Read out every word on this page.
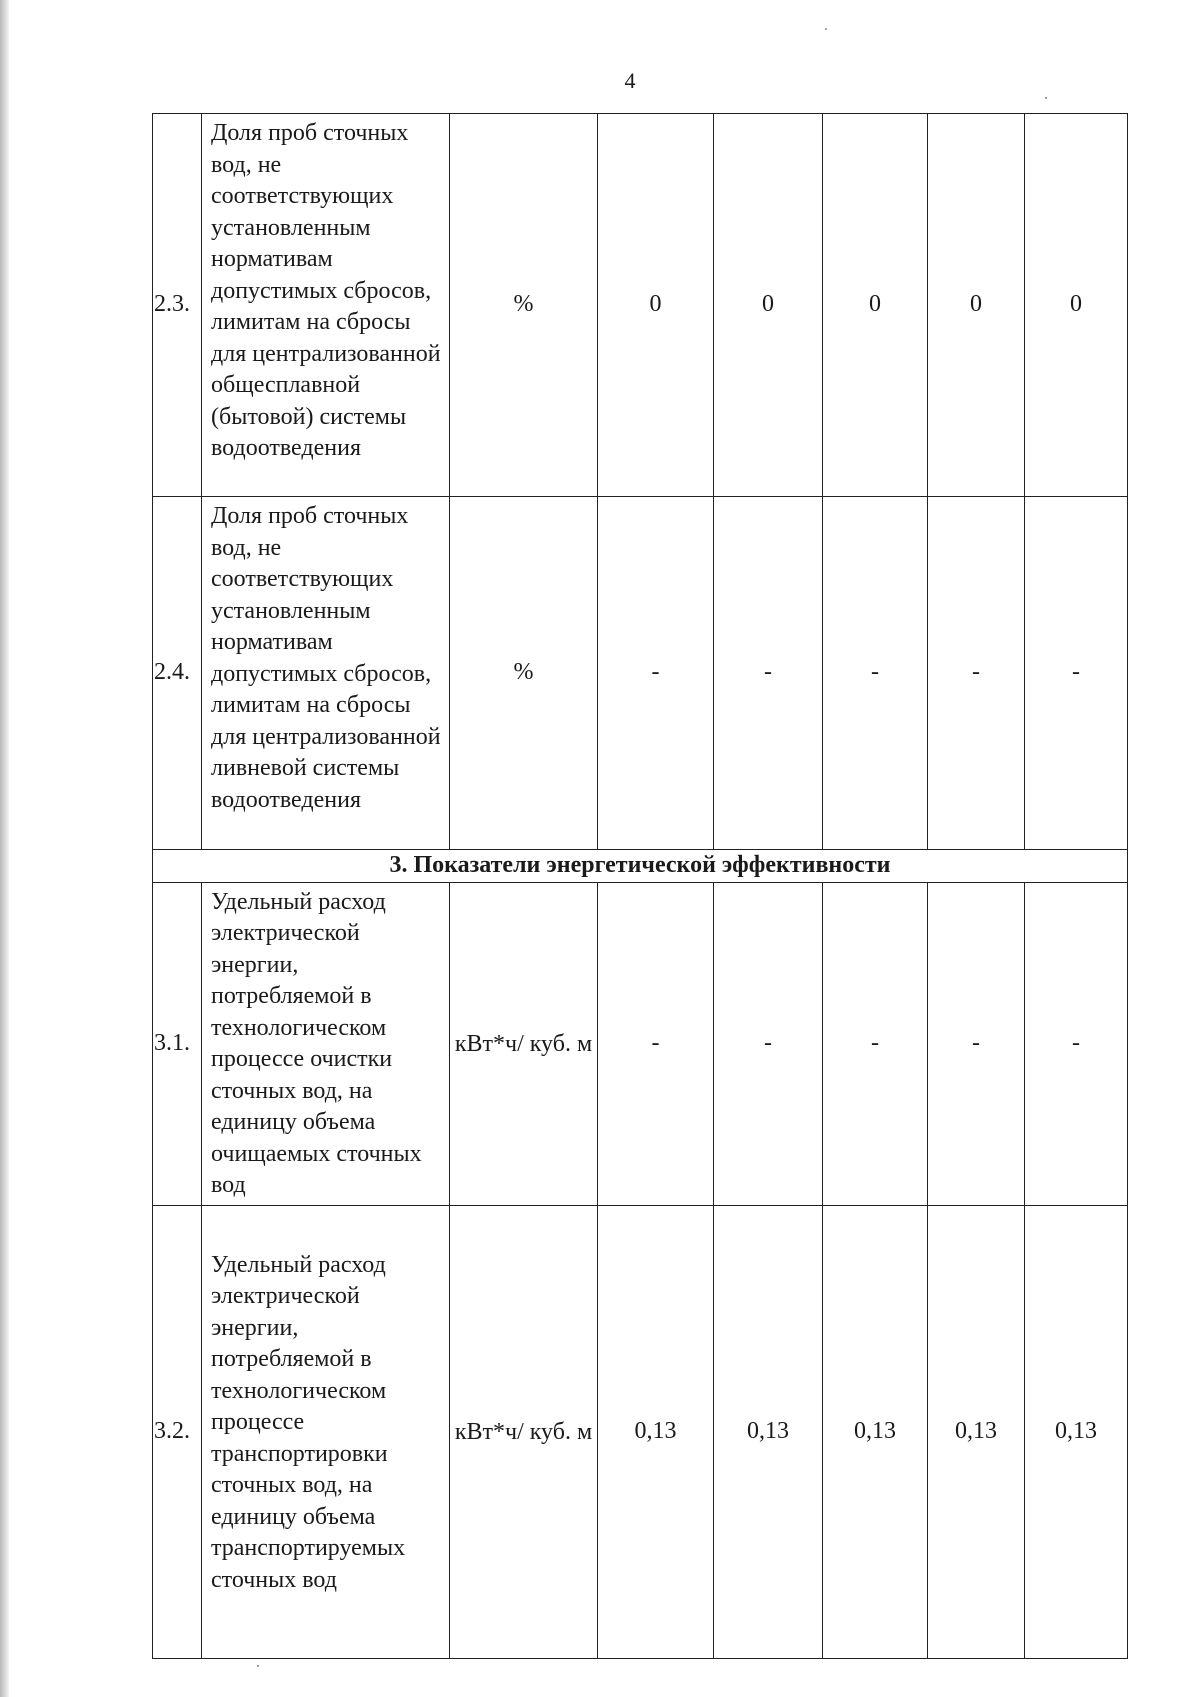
4
2.3.	Доля проб сточных вод, не соответствующих установленным нормативам допустимых сбросов, лимитам на сбросы для централизованной общесплавной (бытовой) системы водоотведения	%	0	0	0	0	0
2.4.	Доля проб сточных вод, не соответствующих установленным нормативам допустимых сбросов, лимитам на сбросы для централизованной ливневой системы водоотведения	%	-	-	-	-	-
3. Показатели энергетической эффективности							
3.1.	Удельный расход электрической энергии, потребляемой в технологическом процессе очистки сточных вод, на единицу объема очищаемых сточных вод	кВт*ч/ куб. м	-	-	-	-	-
3.2.	Удельный расход электрической энергии, потребляемой в технологическом процессе транспортировки сточных вод, на единицу объема транспортируемых сточных вод	кВт*ч/ куб. м	0,13	0,13	0,13	0,13	0,13
